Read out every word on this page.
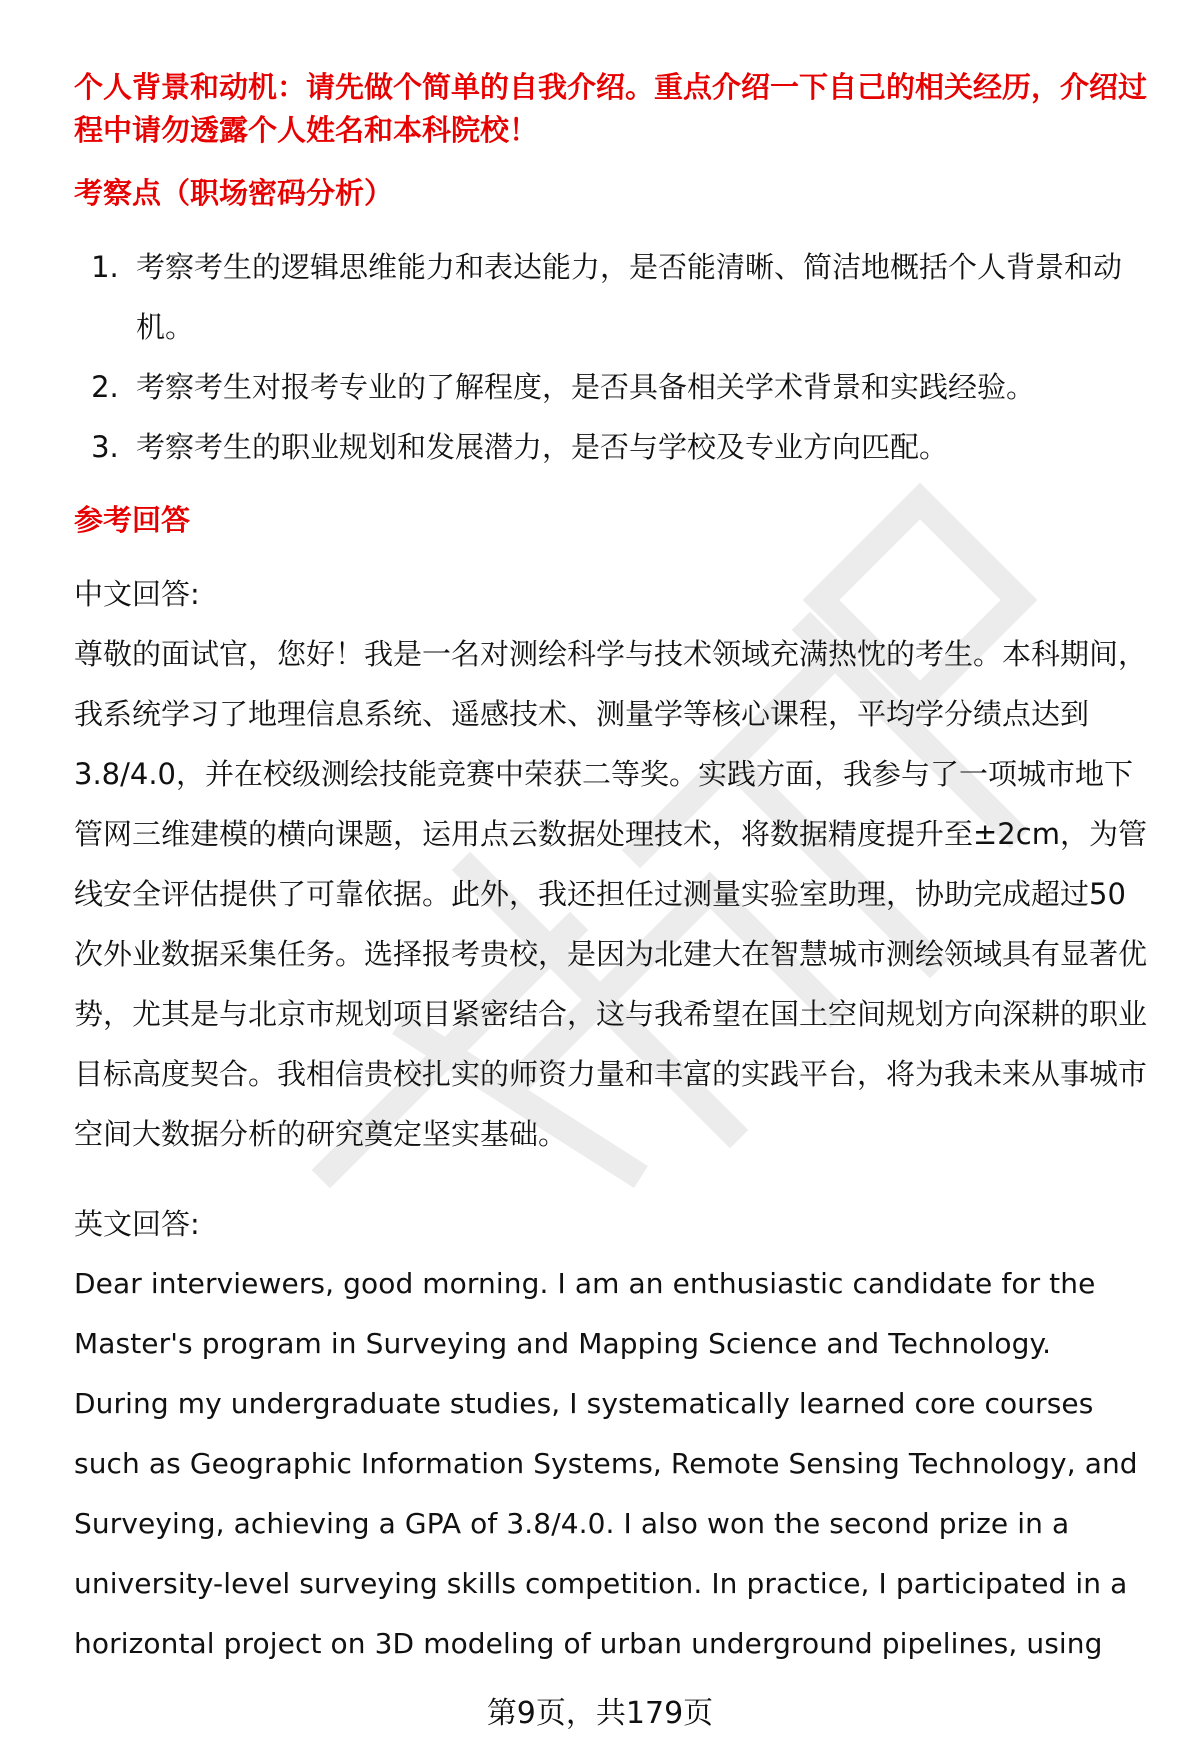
个人背景和动机：请先做个简单的自我介绍。重点介绍一下自己的相关经历，介绍过程中请勿透露个人姓名和本科院校！

考察点（职场密码分析）

1. 考察考生的逻辑思维能力和表达能力，是否能清晰、简洁地概括个人背景和动机。
2. 考察考生对报考专业的了解程度，是否具备相关学术背景和实践经验。
3. 考察考生的职业规划和发展潜力，是否与学校及专业方向匹配。

参考回答

中文回答:

尊敬的面试官，您好！我是一名对测绘科学与技术领域充满热忱的考生。本科期间，我系统学习了地理信息系统、遥感技术、测量学等核心课程，平均学分绩点达到3.8/4.0，并在校级测绘技能竞赛中荣获二等奖。实践方面，我参与了一项城市地下管网三维建模的横向课题，运用点云数据处理技术，将数据精度提升至±2cm，为管线安全评估提供了可靠依据。此外，我还担任过测量实验室助理，协助完成超过50次外业数据采集任务。选择报考贵校，是因为北建大在智慧城市测绘领域具有显著优势，尤其是与北京市规划项目紧密结合，这与我希望在国土空间规划方向深耕的职业目标高度契合。我相信贵校扎实的师资力量和丰富的实践平台，将为我未来从事城市空间大数据分析的研究奠定坚实基础。

英文回答:

Dear interviewers, good morning. I am an enthusiastic candidate for the Master's program in Surveying and Mapping Science and Technology. During my undergraduate studies, I systematically learned core courses such as Geographic Information Systems, Remote Sensing Technology, and Surveying, achieving a GPA of 3.8/4.0. I also won the second prize in a university-level surveying skills competition. In practice, I participated in a horizontal project on 3D modeling of urban underground pipelines, using

第9页，共179页
